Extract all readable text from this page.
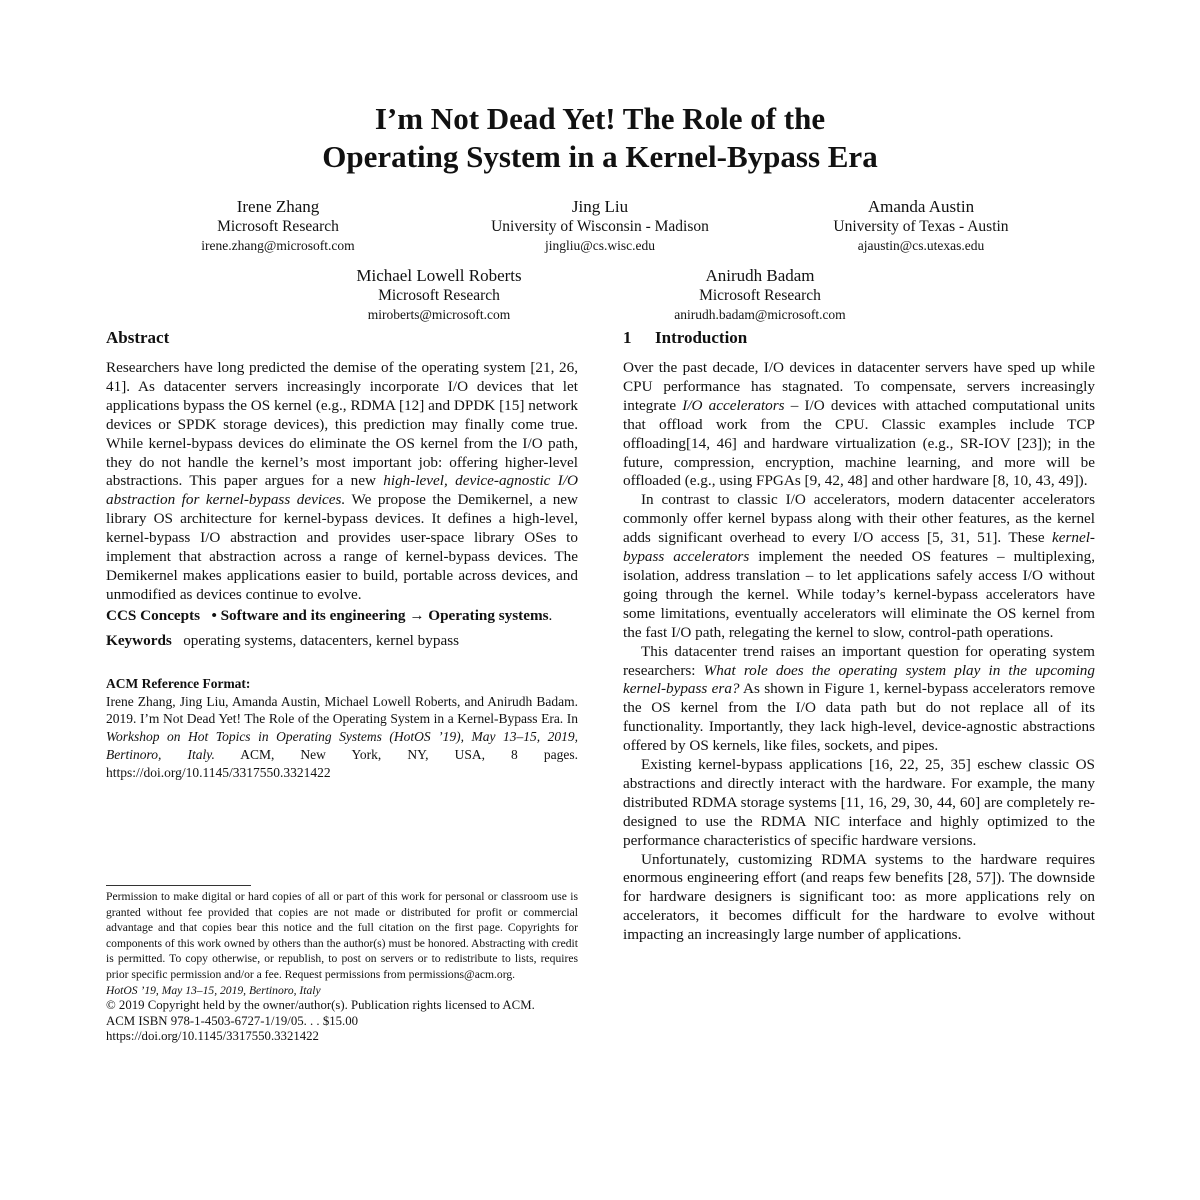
I’m Not Dead Yet! The Role of the
Operating System in a Kernel-Bypass Era
Irene Zhang
Microsoft Research
irene.zhang@microsoft.com
Jing Liu
University of Wisconsin - Madison
jingliu@cs.wisc.edu
Amanda Austin
University of Texas - Austin
ajaustin@cs.utexas.edu
Michael Lowell Roberts
Microsoft Research
miroberts@microsoft.com
Anirudh Badam
Microsoft Research
anirudh.badam@microsoft.com
Abstract

Researchers have long predicted the demise of the operating system [21, 26, 41]. As datacenter servers increasingly incorporate I/O devices that let applications bypass the OS kernel (e.g., RDMA [12] and DPDK [15] network devices or SPDK storage devices), this prediction may finally come true. While kernel-bypass devices do eliminate the OS kernel from the I/O path, they do not handle the kernel’s most important job: offering higher-level abstractions. This paper argues for a new high-level, device-agnostic I/O abstraction for kernel-bypass devices. We propose the Demikernel, a new library OS architecture for kernel-bypass devices. It defines a high-level, kernel-bypass I/O abstraction and provides user-space library OSes to implement that abstraction across a range of kernel-bypass devices. The Demikernel makes applications easier to build, portable across devices, and unmodified as devices continue to evolve.

CCS Concepts • Software and its engineering → Operating systems.
Keywords operating systems, datacenters, kernel bypass
ACM Reference Format:
Irene Zhang, Jing Liu, Amanda Austin, Michael Lowell Roberts, and Anirudh Badam. 2019. I’m Not Dead Yet! The Role of the Operating System in a Kernel-Bypass Era. In Workshop on Hot Topics in Operating Systems (HotOS ’19), May 13–15, 2019, Bertinoro, Italy. ACM, New York, NY, USA, 8 pages. https://doi.org/10.1145/3317550.3321422
Permission to make digital or hard copies of all or part of this work for personal or classroom use is granted without fee provided that copies are not made or distributed for profit or commercial advantage and that copies bear this notice and the full citation on the first page. Copyrights for components of this work owned by others than the author(s) must be honored. Abstracting with credit is permitted. To copy otherwise, or republish, to post on servers or to redistribute to lists, requires prior specific permission and/or a fee. Request permissions from permissions@acm.org.
HotOS ’19, May 13–15, 2019, Bertinoro, Italy
© 2019 Copyright held by the owner/author(s). Publication rights licensed to ACM.
ACM ISBN 978-1-4503-6727-1/19/05. . . $15.00
https://doi.org/10.1145/3317550.3321422
1 Introduction

Over the past decade, I/O devices in datacenter servers have sped up while CPU performance has stagnated. To compensate, servers increasingly integrate I/O accelerators – I/O devices with attached computational units that offload work from the CPU. Classic examples include TCP offloading[14, 46] and hardware virtualization (e.g., SR-IOV [23]); in the future, compression, encryption, machine learning, and more will be offloaded (e.g., using FPGAs [9, 42, 48] and other hardware [8, 10, 43, 49]).

In contrast to classic I/O accelerators, modern datacenter accelerators commonly offer kernel bypass along with their other features, as the kernel adds significant overhead to every I/O access [5, 31, 51]. These kernel-bypass accelerators implement the needed OS features – multiplexing, isolation, address translation – to let applications safely access I/O without going through the kernel. While today’s kernel-bypass accelerators have some limitations, eventually accelerators will eliminate the OS kernel from the fast I/O path, relegating the kernel to slow, control-path operations.

This datacenter trend raises an important question for operating system researchers: What role does the operating system play in the upcoming kernel-bypass era? As shown in Figure 1, kernel-bypass accelerators remove the OS kernel from the I/O data path but do not replace all of its functionality. Importantly, they lack high-level, device-agnostic abstractions offered by OS kernels, like files, sockets, and pipes.

Existing kernel-bypass applications [16, 22, 25, 35] eschew classic OS abstractions and directly interact with the hardware. For example, the many distributed RDMA storage systems [11, 16, 29, 30, 44, 60] are completely re-designed to use the RDMA NIC interface and highly optimized to the performance characteristics of specific hardware versions.

Unfortunately, customizing RDMA systems to the hardware requires enormous engineering effort (and reaps few benefits [28, 57]). The downside for hardware designers is significant too: as more applications rely on accelerators, it becomes difficult for the hardware to evolve without impacting an increasingly large number of applications.
